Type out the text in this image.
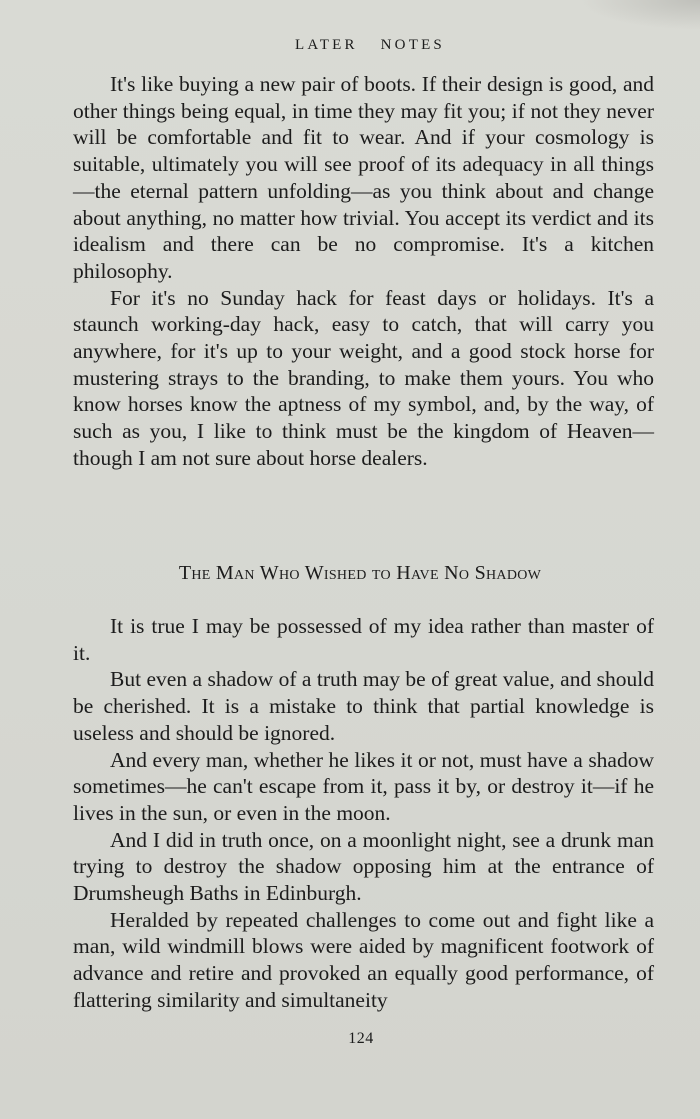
LATER NOTES

It's like buying a new pair of boots. If their design is good, and other things being equal, in time they may fit you; if not they never will be comfortable and fit to wear. And if your cosmology is suitable, ultimately you will see proof of its adequacy in all things—the eternal pattern unfolding—as you think about and change about anything, no matter how trivial. You accept its verdict and its idealism and there can be no compromise. It's a kitchen philosophy.

For it's no Sunday hack for feast days or holidays. It's a staunch working-day hack, easy to catch, that will carry you anywhere, for it's up to your weight, and a good stock horse for mustering strays to the branding, to make them yours. You who know horses know the aptness of my symbol, and, by the way, of such as you, I like to think must be the kingdom of Heaven—though I am not sure about horse dealers.

The Man Who Wished to Have No Shadow

It is true I may be possessed of my idea rather than master of it.

But even a shadow of a truth may be of great value, and should be cherished. It is a mistake to think that partial knowledge is useless and should be ignored.

And every man, whether he likes it or not, must have a shadow sometimes—he can't escape from it, pass it by, or destroy it—if he lives in the sun, or even in the moon.

And I did in truth once, on a moonlight night, see a drunk man trying to destroy the shadow opposing him at the entrance of Drumsheugh Baths in Edinburgh.

Heralded by repeated challenges to come out and fight like a man, wild windmill blows were aided by magnificent footwork of advance and retire and provoked an equally good performance, of flattering similarity and simultaneity

124
